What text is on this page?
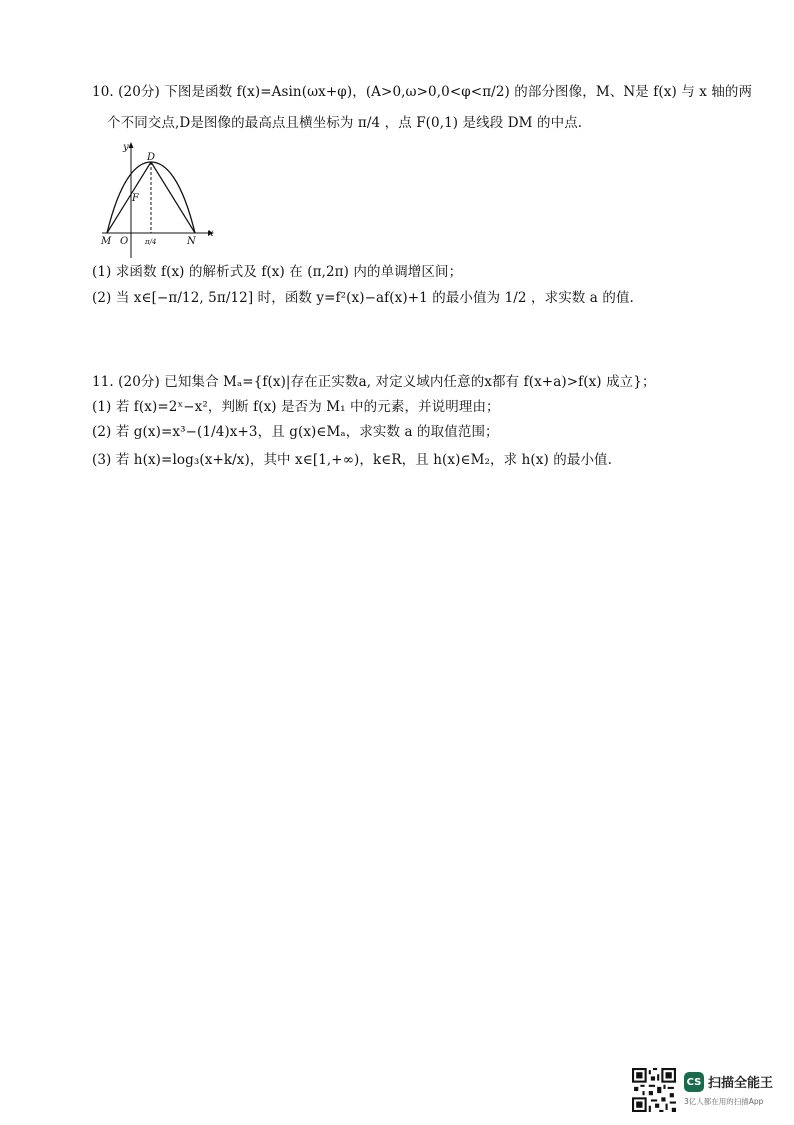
10. (20分) 下图是函数 f(x)=Asin(ωx+φ)，(A>0,ω>0,0<φ<π/2) 的部分图像，M、N是 f(x) 与 x 轴的两
个不同交点,D是图像的最高点且横坐标为 π/4 ，点 F(0,1) 是线段 DM 的中点.
y
x
D
F
M O π/4	N
(1) 求函数 f(x) 的解析式及 f(x) 在 (π,2π) 内的单调增区间；
(2) 当 x∈[−π/12, 5π/12] 时，函数 y=f²(x)−af(x)+1 的最小值为 1/2 ，求实数 a 的值.
11. (20分) 已知集合 Mₐ={f(x)|存在正实数a, 对定义域内任意的x都有 f(x+a)>f(x) 成立}；
(1) 若 f(x)=2ˣ−x²，判断 f(x) 是否为 M₁ 中的元素，并说明理由；
(2) 若 g(x)=x³−(1/4)x+3，且 g(x)∈Mₐ，求实数 a 的取值范围；
(3) 若 h(x)=log₃(x+k/x)，其中 x∈[1,+∞)，k∈R，且 h(x)∈M₂，求 h(x) 的最小值.
CS 扫描全能王
3亿人都在用的扫描App
